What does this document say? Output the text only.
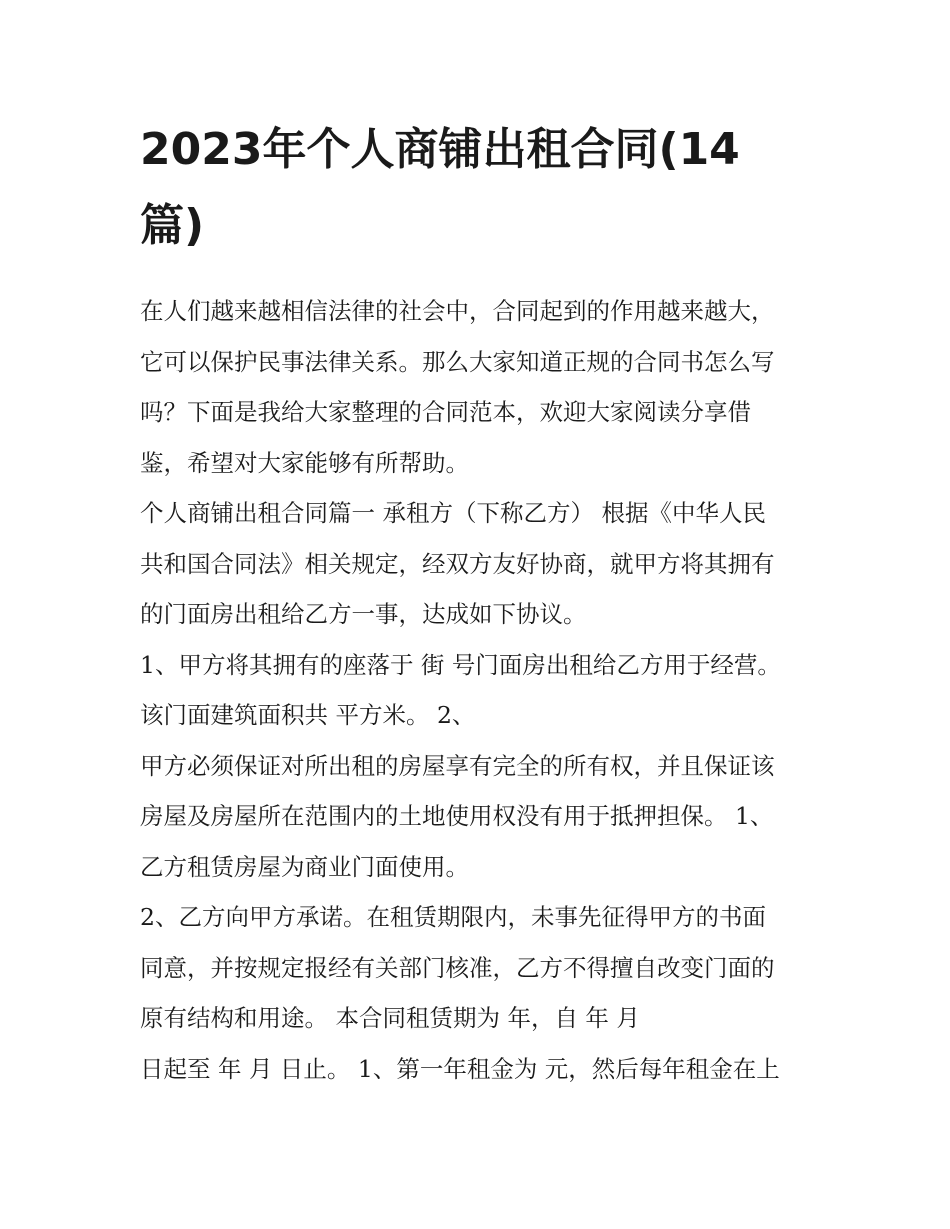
2023年个人商铺出租合同(14
篇)
在人们越来越相信法律的社会中，合同起到的作用越来越大，
它可以保护民事法律关系。那么大家知道正规的合同书怎么写
吗？下面是我给大家整理的合同范本，欢迎大家阅读分享借
鉴，希望对大家能够有所帮助。
个人商铺出租合同篇一 承租方（下称乙方） 根据《中华人民
共和国合同法》相关规定，经双方友好协商，就甲方将其拥有
的门面房出租给乙方一事，达成如下协议。
1、甲方将其拥有的座落于 街 号门面房出租给乙方用于经营。
该门面建筑面积共 平方米。 2、
甲方必须保证对所出租的房屋享有完全的所有权，并且保证该
房屋及房屋所在范围内的土地使用权没有用于抵押担保。 1、
乙方租赁房屋为商业门面使用。
2、乙方向甲方承诺。在租赁期限内，未事先征得甲方的书面
同意，并按规定报经有关部门核准，乙方不得擅自改变门面的
原有结构和用途。 本合同租赁期为 年，自 年 月
日起至 年 月 日止。 1、第一年租金为 元，然后每年租金在上
